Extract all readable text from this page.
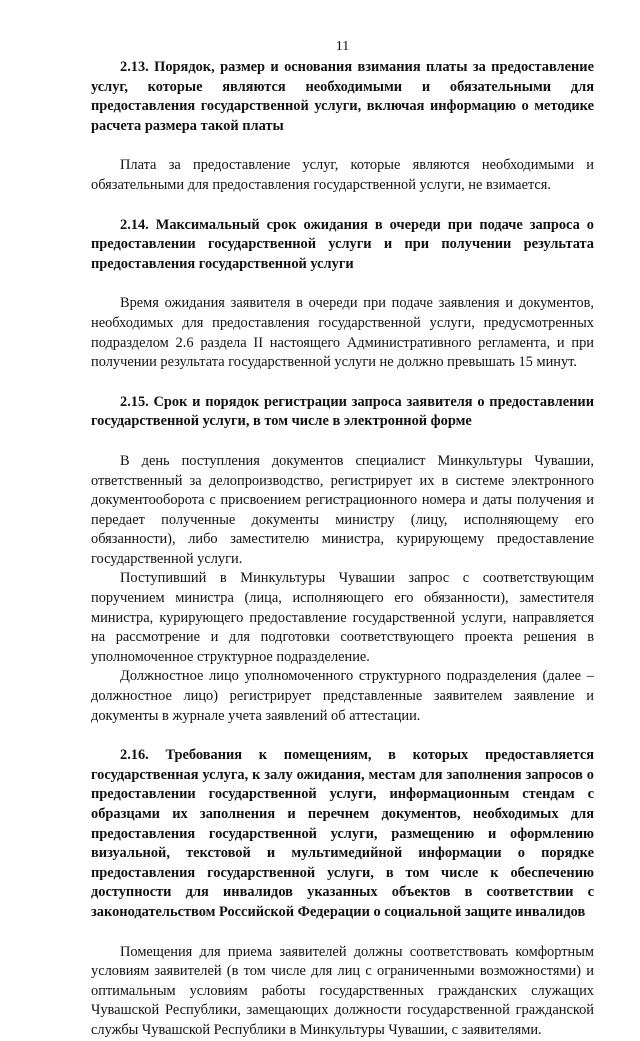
11

2.13. Порядок, размер и основания взимания платы за предоставление услуг, которые являются необходимыми и обязательными для предоставления государственной услуги, включая информацию о методике расчета размера такой платы

Плата за предоставление услуг, которые являются необходимыми и обязательными для предоставления государственной услуги, не взимается.

2.14. Максимальный срок ожидания в очереди при подаче запроса о предоставлении государственной услуги и при получении результата предоставления государственной услуги

Время ожидания заявителя в очереди при подаче заявления и документов, необходимых для предоставления государственной услуги, предусмотренных подразделом 2.6 раздела II настоящего Административного регламента, и при получении результата государственной услуги не должно превышать 15 минут.

2.15. Срок и порядок регистрации запроса заявителя о предоставлении государственной услуги, в том числе в электронной форме

В день поступления документов специалист Минкультуры Чувашии, ответственный за делопроизводство, регистрирует их в системе электронного документооборота с присвоением регистрационного номера и даты получения и передает полученные документы министру (лицу, исполняющему его обязанности), либо заместителю министра, курирующему предоставление государственной услуги.

Поступивший в Минкультуры Чувашии запрос с соответствующим поручением министра (лица, исполняющего его обязанности), заместителя министра, курирующего предоставление государственной услуги, направляется на рассмотрение и для подготовки соответствующего проекта решения в уполномоченное структурное подразделение.

Должностное лицо уполномоченного структурного подразделения (далее – должностное лицо) регистрирует представленные заявителем заявление и документы в журнале учета заявлений об аттестации.

2.16. Требования к помещениям, в которых предоставляется государственная услуга, к залу ожидания, местам для заполнения запросов о предоставлении государственной услуги, информационным стендам с образцами их заполнения и перечнем документов, необходимых для предоставления государственной услуги, размещению и оформлению визуальной, текстовой и мультимедийной информации о порядке предоставления государственной услуги, в том числе к обеспечению доступности для инвалидов указанных объектов в соответствии с законодательством Российской Федерации о социальной защите инвалидов

Помещения для приема заявителей должны соответствовать комфортным условиям заявителей (в том числе для лиц с ограниченными возможностями) и оптимальным условиям работы государственных гражданских служащих Чувашской Республики, замещающих должности государственной гражданской службы Чувашской Республики в Минкультуры Чувашии, с заявителями.
